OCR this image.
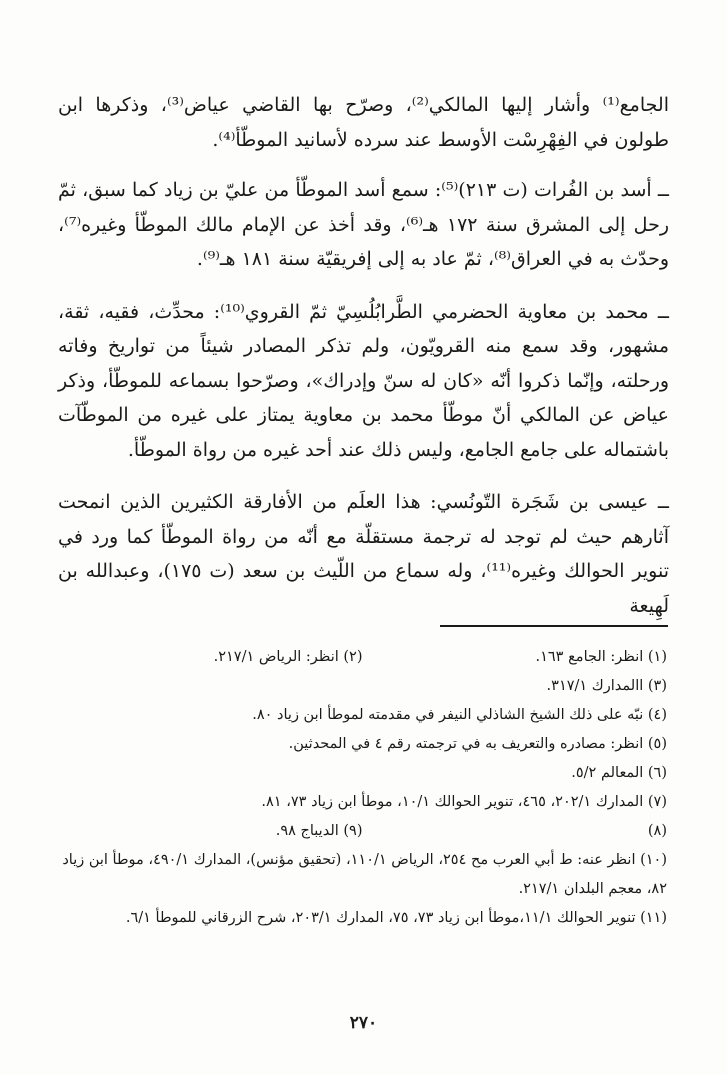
الجامع⁽¹⁾ وأشار إليها المالكي⁽²⁾، وصرّح بها القاضي عياض⁽³⁾، وذكرها ابن طولون في الفِهْرِسْت الأوسط عند سرده لأسانيد الموطّأ⁽⁴⁾.

ــ أسد بن الفُرات (ت ٢١٣)⁽⁵⁾: سمع أسد الموطّأ من عليّ بن زياد كما سبق، ثمّ رحل إلى المشرق سنة ١٧٢ هـ⁽⁶⁾، وقد أخذ عن الإمام مالك الموطّأ وغيره⁽⁷⁾، وحدّث به في العراق⁽⁸⁾، ثمّ عاد به إلى إفريقيّة سنة ١٨١ هـ⁽⁹⁾.

ــ محمد بن معاوية الحضرمي الطَّرابُلُسِيّ ثمّ القروي⁽¹⁰⁾: محدِّث، فقيه، ثقة، مشهور، وقد سمع منه القرويّون، ولم تذكر المصادر شيئاً من تواريخ وفاته ورحلته، وإنّما ذكروا أنّه «كان له سنّ وإدراك»، وصرّحوا بسماعه للموطّأ، وذكر عياض عن المالكي أنّ موطّأ محمد بن معاوية يمتاز على غيره من الموطّآت باشتماله على جامع الجامع، وليس ذلك عند أحد غيره من رواة الموطّأ.

ــ عيسى بن شَجَرة التّونُسي: هذا العلَم من الأفارقة الكثيرين الذين انمحت آثارهم حيث لم توجد له ترجمة مستقلّة مع أنّه من رواة الموطّأ كما ورد في تنوير الحوالك وغيره⁽¹¹⁾، وله سماع من اللّيث بن سعد (ت ١٧٥)، وعبدالله بن لَهِيعة

(١) انظر: الجامع ١٦٣.
(٢) انظر: الرياض ٢١٧/١.
(٣) االمدارك ٣١٧/١.
(٤) نبّه على ذلك الشيخ الشاذلي النيفر في مقدمته لموطأ ابن زياد ٨٠.
(٥) انظر: مصادره والتعريف به في ترجمته رقم ٤ في المحدثين.
(٦) المعالم ٥/٢.
(٧) المدارك ٢٠٢/١، ٤٦٥، تنوير الحوالك ١٠/١، موطأ ابن زياد ٧٣، ٨١.
(٨)
(٩) الديباج ٩٨.
(١٠) انظر عنه: ط أبي العرب مح ٢٥٤، الرياض ١١٠/١، (تحقيق مؤنس)، المدارك ٤٩٠/١، موطأ ابن زياد ٨٢، معجم البلدان ٢١٧/١.
(١١) تنوير الحوالك ١١/١،موطأ ابن زياد ٧٣، ٧٥، المدارك ٢٠٣/١، شرح الزرقاني للموطأ ٦/١.
٢٧٠
